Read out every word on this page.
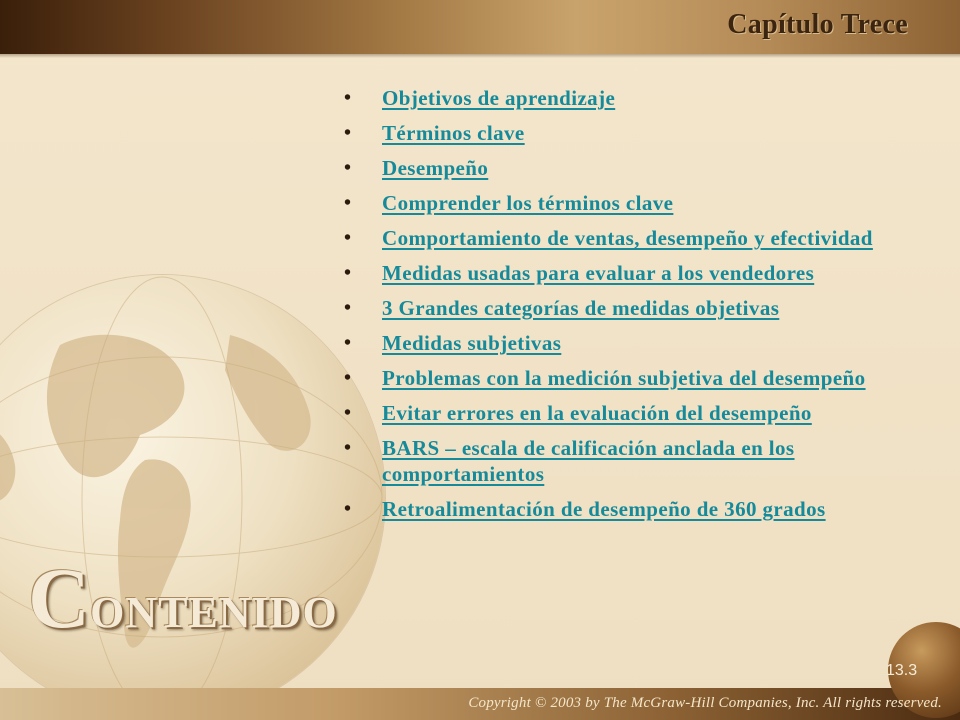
Capítulo Trece
CONTENIDO
• Objetivos de aprendizaje
• Términos clave
• Desempeño
• Comprender los términos clave
• Comportamiento de ventas, desempeño y efectividad
• Medidas usadas para evaluar a los vendedores
• 3 Grandes categorías de medidas objetivas
• Medidas subjetivas
• Problemas con la medición subjetiva del desempeño
• Evitar errores en la evaluación del desempeño
• BARS – escala de calificación anclada en los comportamientos
• Retroalimentación de desempeño de 360 grados
13.3
Copyright © 2003 by The McGraw-Hill Companies, Inc. All rights reserved.
